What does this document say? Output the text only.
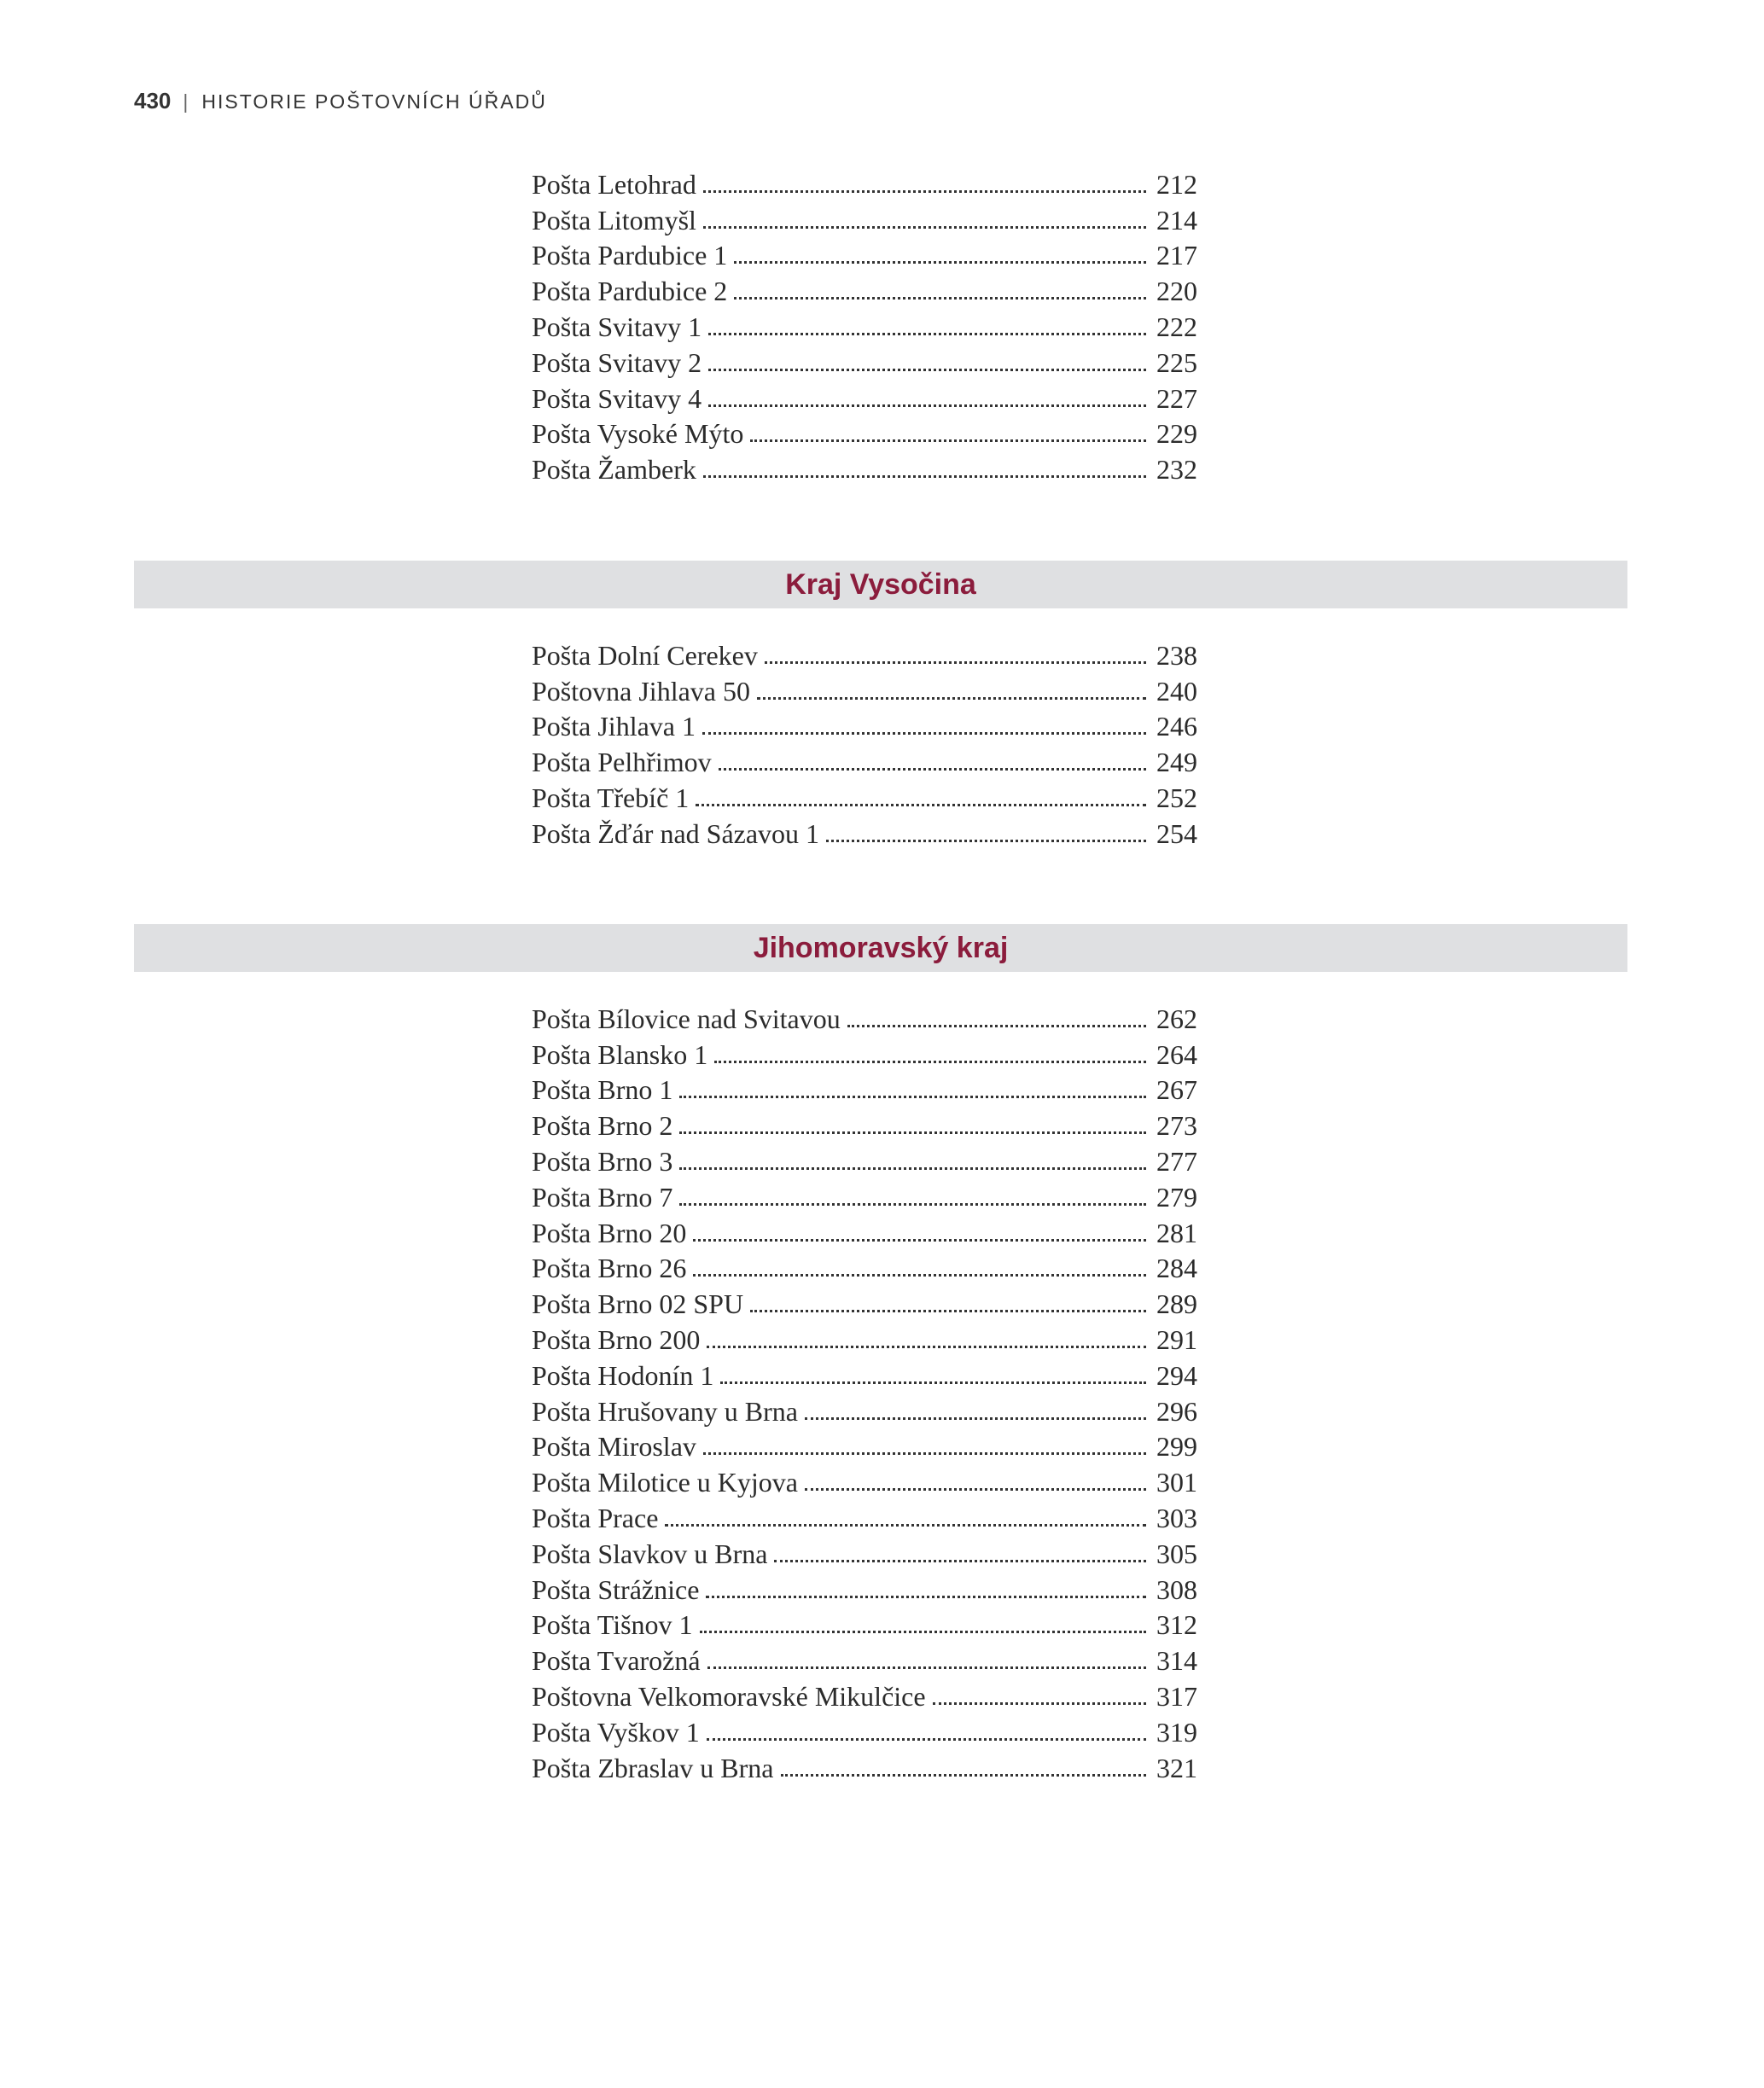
430 | HISTORIE POŠTOVNÍCH ÚŘADŮ
Pošta Letohrad	212
Pošta Litomyšl	214
Pošta Pardubice 1	217
Pošta Pardubice 2	220
Pošta Svitavy 1	222
Pošta Svitavy 2	225
Pošta Svitavy 4	227
Pošta Vysoké Mýto	229
Pošta Žamberk	232
Kraj Vysočina
Pošta Dolní Cerekev	238
Poštovna Jihlava 50	240
Pošta Jihlava 1	246
Pošta Pelhřimov	249
Pošta Třebíč 1	252
Pošta Žďár nad Sázavou 1	254
Jihomoravský kraj
Pošta Bílovice nad Svitavou	262
Pošta Blansko 1	264
Pošta Brno 1	267
Pošta Brno 2	273
Pošta Brno 3	277
Pošta Brno 7	279
Pošta Brno 20	281
Pošta Brno 26	284
Pošta Brno 02 SPU	289
Pošta Brno 200	291
Pošta Hodonín 1	294
Pošta Hrušovany u Brna	296
Pošta Miroslav	299
Pošta Milotice u Kyjova	301
Pošta Prace	303
Pošta Slavkov u Brna	305
Pošta Strážnice	308
Pošta Tišnov 1	312
Pošta Tvarožná	314
Poštovna Velkomoravské Mikulčice	317
Pošta Vyškov 1	319
Pošta Zbraslav u Brna	321
